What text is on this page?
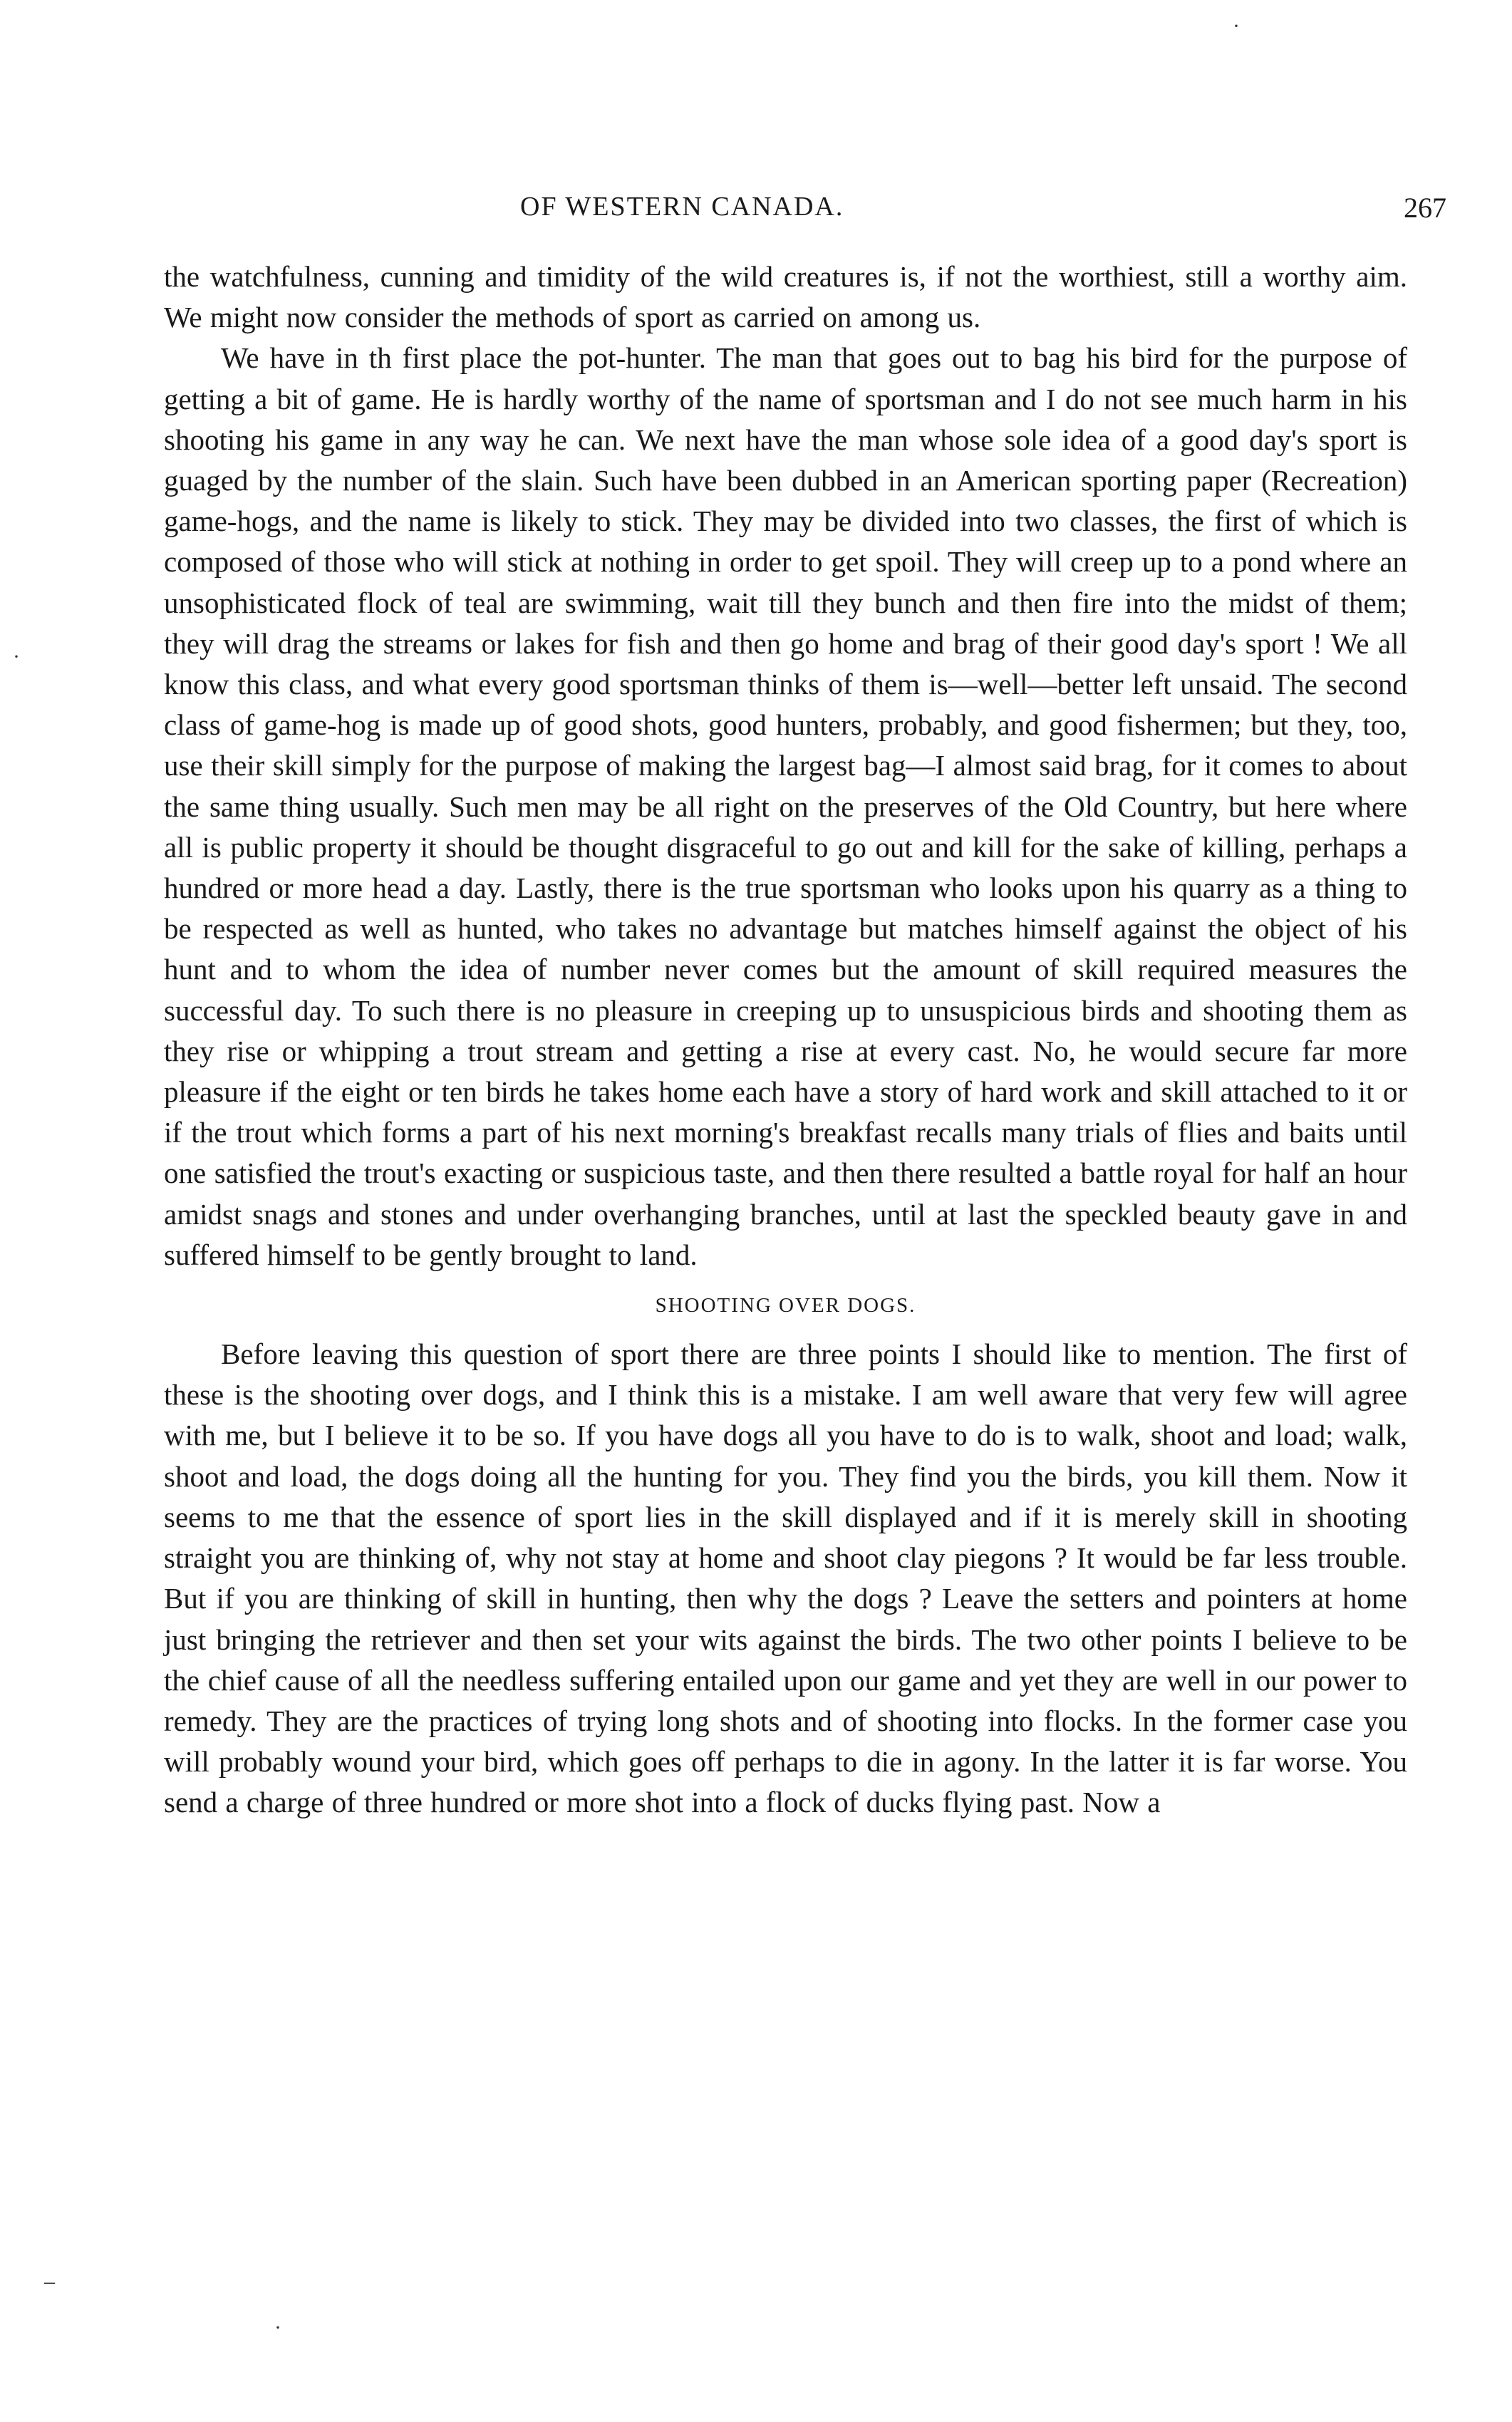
OF WESTERN CANADA.	267

the watchfulness, cunning and timidity of the wild creatures is, if not the worthiest, still a worthy aim. We might now consider the methods of sport as carried on among us.

We have in th first place the pot-hunter. The man that goes out to bag his bird for the purpose of getting a bit of game. He is hardly worthy of the name of sportsman and I do not see much harm in his shooting his game in any way he can. We next have the man whose sole idea of a good day's sport is guaged by the number of the slain. Such have been dubbed in an American sporting paper (Recreation) game-hogs, and the name is likely to stick. They may be divided into two classes, the first of which is composed of those who will stick at nothing in order to get spoil. They will creep up to a pond where an unsophisticated flock of teal are swimming, wait till they bunch and then fire into the midst of them; they will drag the streams or lakes for fish and then go home and brag of their good day's sport ! We all know this class, and what every good sportsman thinks of them is—well—better left unsaid. The second class of game-hog is made up of good shots, good hunters, probably, and good fishermen; but they, too, use their skill simply for the purpose of making the largest bag—I almost said brag, for it comes to about the same thing usually. Such men may be all right on the preserves of the Old Country, but here where all is public property it should be thought disgraceful to go out and kill for the sake of killing, perhaps a hundred or more head a day. Lastly, there is the true sportsman who looks upon his quarry as a thing to be respected as well as hunted, who takes no advantage but matches himself against the object of his hunt and to whom the idea of number never comes but the amount of skill required measures the successful day. To such there is no pleasure in creeping up to unsuspicious birds and shooting them as they rise or whipping a trout stream and getting a rise at every cast. No, he would secure far more pleasure if the eight or ten birds he takes home each have a story of hard work and skill attached to it or if the trout which forms a part of his next morning's breakfast recalls many trials of flies and baits until one satisfied the trout's exacting or suspicious taste, and then there resulted a battle royal for half an hour amidst snags and stones and under overhanging branches, until at last the speckled beauty gave in and suffered himself to be gently brought to land.

SHOOTING OVER DOGS.

Before leaving this question of sport there are three points I should like to mention. The first of these is the shooting over dogs, and I think this is a mistake. I am well aware that very few will agree with me, but I believe it to be so. If you have dogs all you have to do is to walk, shoot and load; walk, shoot and load, the dogs doing all the hunting for you. They find you the birds, you kill them. Now it seems to me that the essence of sport lies in the skill displayed and if it is merely skill in shooting straight you are thinking of, why not stay at home and shoot clay piegons ? It would be far less trouble. But if you are thinking of skill in hunting, then why the dogs ? Leave the setters and pointers at home just bringing the retriever and then set your wits against the birds. The two other points I believe to be the chief cause of all the needless suffering entailed upon our game and yet they are well in our power to remedy. They are the practices of trying long shots and of shooting into flocks. In the former case you will probably wound your bird, which goes off perhaps to die in agony. In the latter it is far worse. You send a charge of three hundred or more shot into a flock of ducks flying past. Now a

·
·
–
·
